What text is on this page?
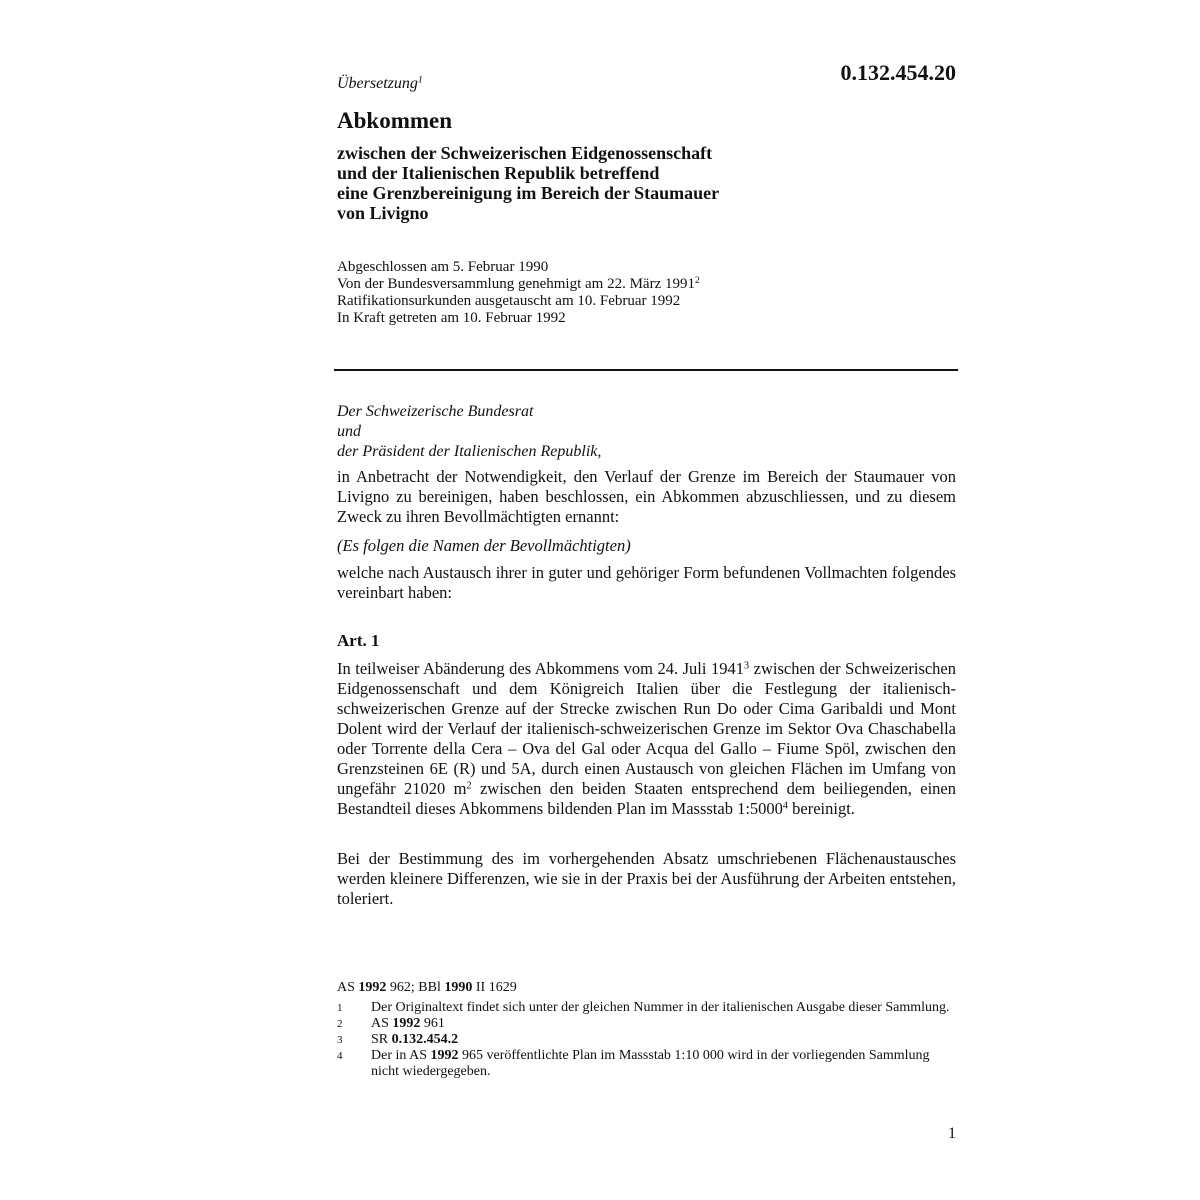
Übersetzung$^1$	0.132.454.20
Abkommen
zwischen der Schweizerischen Eidgenossenschaft
und der Italienischen Republik betreffend
eine Grenzbereinigung im Bereich der Staumauer
von Livigno
Abgeschlossen am 5. Februar 1990
Von der Bundesversammlung genehmigt am 22. März 1991$^2$
Ratifikationsurkunden ausgetauscht am 10. Februar 1992
In Kraft getreten am 10. Februar 1992
Der Schweizerische Bundesrat
und
der Präsident der Italienischen Republik,
in Anbetracht der Notwendigkeit, den Verlauf der Grenze im Bereich der Staumauer von Livigno zu bereinigen, haben beschlossen, ein Abkommen abzuschliessen, und zu diesem Zweck zu ihren Bevollmächtigten ernannt:
(Es folgen die Namen der Bevollmächtigten)
welche nach Austausch ihrer in guter und gehöriger Form befundenen Vollmachten folgendes vereinbart haben:
Art. 1
In teilweiser Abänderung des Abkommens vom 24. Juli 1941$^3$ zwischen der Schweizerischen Eidgenossenschaft und dem Königreich Italien über die Festlegung der italienisch-schweizerischen Grenze auf der Strecke zwischen Run Do oder Cima Garibaldi und Mont Dolent wird der Verlauf der italienisch-schweizerischen Grenze im Sektor Ova Chaschabella oder Torrente della Cera – Ova del Gal oder Acqua del Gallo – Fiume Spöl, zwischen den Grenzsteinen 6E (R) und 5A, durch einen Austausch von gleichen Flächen im Umfang von ungefähr 21020 $m^2$ zwischen den beiden Staaten entsprechend dem beiliegenden, einen Bestandteil dieses Abkommens bildenden Plan im Massstab 1:5000$^4$ bereinigt.
Bei der Bestimmung des im vorhergehenden Absatz umschriebenen Flächenaustausches werden kleinere Differenzen, wie sie in der Praxis bei der Ausführung der Arbeiten entstehen, toleriert.
AS 1992 962; BBl 1990 II 1629
1	Der Originaltext findet sich unter der gleichen Nummer in der italienischen Ausgabe dieser Sammlung.
2	AS 1992 961
3	SR 0.132.454.2
4	Der in AS 1992 965 veröffentlichte Plan im Massstab 1:10 000 wird in der vorliegenden Sammlung nicht wiedergegeben.
1
